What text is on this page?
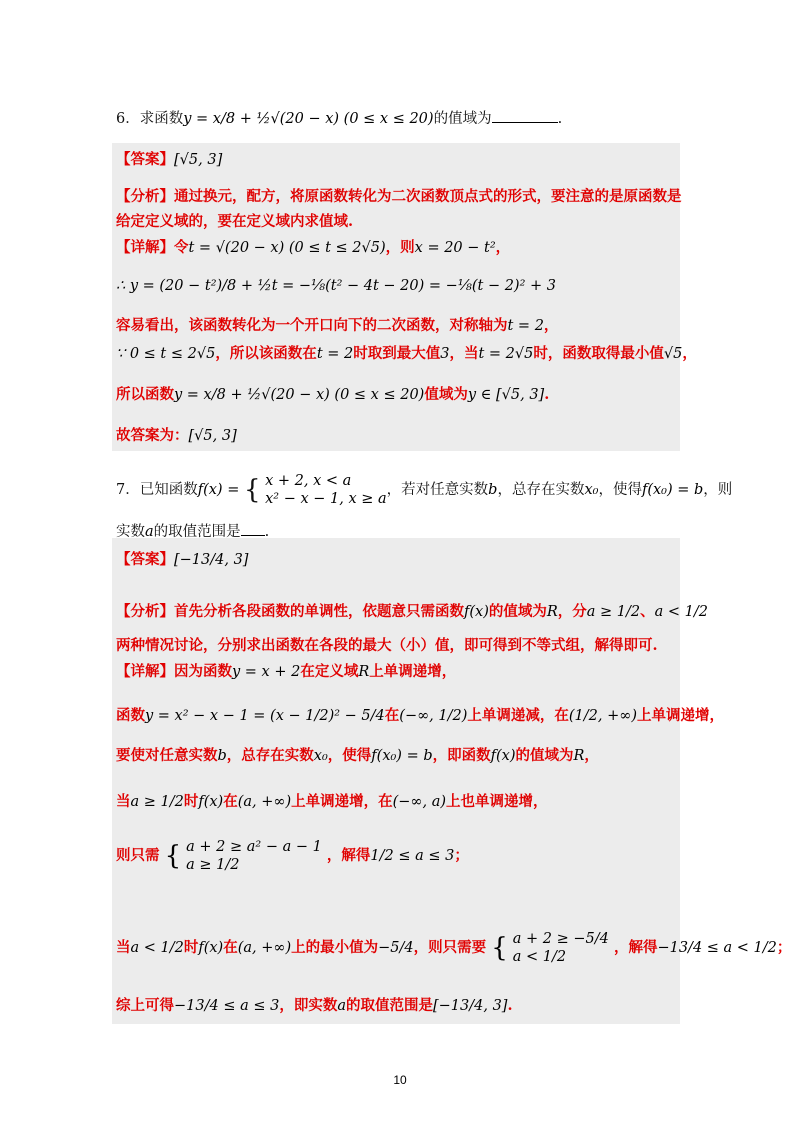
6．求函数y = x/8 + ½√(20 − x) (0 ≤ x ≤ 20)的值域为	.
【答案】[√5, 3]
【分析】通过换元，配方，将原函数转化为二次函数顶点式的形式，要注意的是原函数是
给定定义域的，要在定义域内求值域.
【详解】令t = √(20 − x) (0 ≤ t ≤ 2√5)，则x = 20 − t²，
∴ y = (20 − t²)/8 + ½t = −⅛(t² − 4t − 20) = −⅛(t − 2)² + 3
容易看出，该函数转化为一个开口向下的二次函数，对称轴为t = 2，
∵ 0 ≤ t ≤ 2√5，所以该函数在t = 2时取到最大值3，当t = 2√5时，函数取得最小值√5，
所以函数y = x/8 + ½√(20 − x) (0 ≤ x ≤ 20)值域为y ∈ [√5, 3].
故答案为：[√5, 3]
7．已知函数f(x) = { x + 2, x < a
x² − x − 1, x ≥ a
，若对任意实数b，总存在实数x₀，使得f(x₀) = b，则
实数a的取值范围是 .
【答案】[−13/4, 3]
【分析】首先分析各段函数的单调性，依题意只需函数f(x)的值域为R，分a ≥ 1/2、a < 1/2
两种情况讨论，分别求出函数在各段的最大（小）值，即可得到不等式组，解得即可.
【详解】因为函数y = x + 2在定义域R上单调递增，
函数y = x² − x − 1 = (x − 1/2)² − 5/4在(−∞, 1/2)上单调递减，在(1/2, +∞)上单调递增，
要使对任意实数b，总存在实数x₀，使得f(x₀) = b，即函数f(x)的值域为R，
当a ≥ 1/2时f(x)在(a, +∞)上单调递增，在(−∞, a)上也单调递增，
则只需 { a + 2 ≥ a² − a − 1
a ≥ 1/2
，解得1/2 ≤ a ≤ 3；
当a < 1/2时f(x)在(a, +∞)上的最小值为−5/4，则只需要 { a + 2 ≥ −5/4
a < 1/2
，解得−13/4 ≤ a < 1/2；
综上可得−13/4 ≤ a ≤ 3，即实数a的取值范围是[−13/4, 3].
10
